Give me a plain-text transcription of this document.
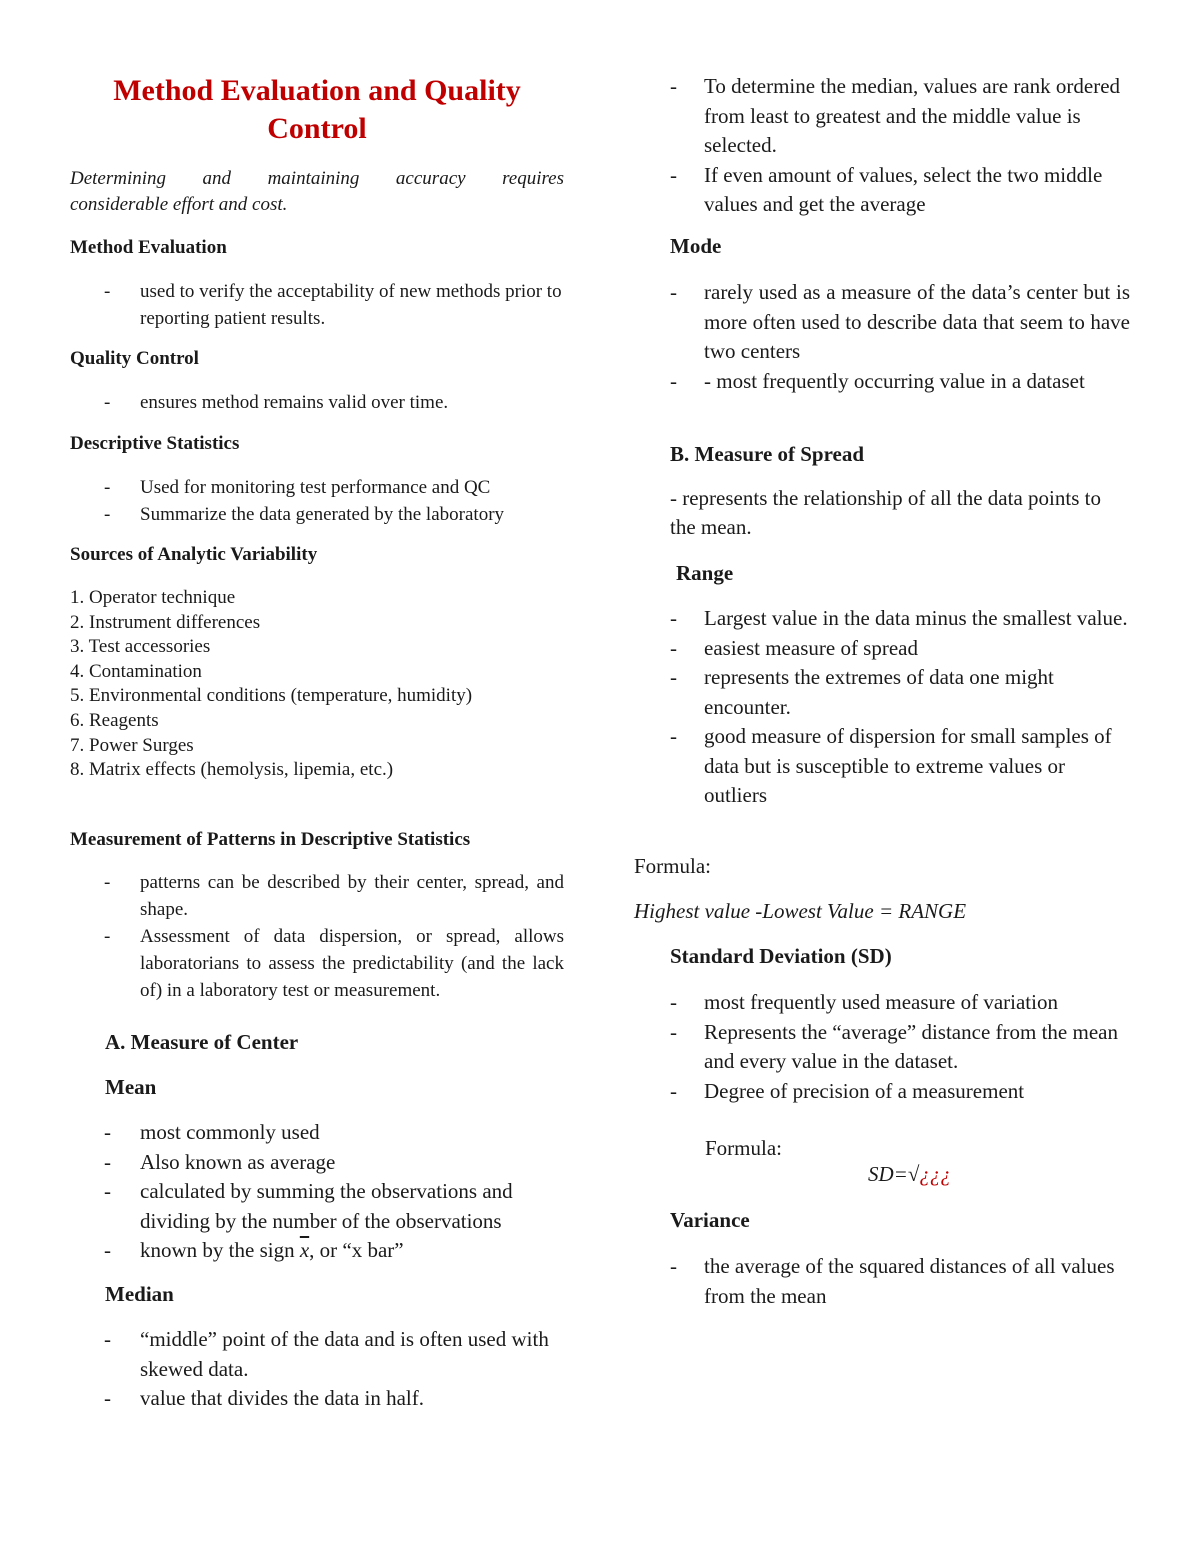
Method Evaluation and Quality Control
Determining and maintaining accuracy requires
considerable effort and cost.
Method Evaluation
- used to verify the acceptability of new methods prior to reporting patient results.
Quality Control
- ensures method remains valid over time.
Descriptive Statistics
- Used for monitoring test performance and QC
- Summarize the data generated by the laboratory
Sources of Analytic Variability
1. Operator technique
2. Instrument differences
3. Test accessories
4. Contamination
5. Environmental conditions (temperature, humidity)
6. Reagents
7. Power Surges
8. Matrix effects (hemolysis, lipemia, etc.)
Measurement of Patterns in Descriptive Statistics
- patterns can be described by their center, spread, and shape.
- Assessment of data dispersion, or spread, allows laboratorians to assess the predictability (and the lack of) in a laboratory test or measurement.
A. Measure of Center
Mean
- most commonly used
- Also known as average
- calculated by summing the observations and dividing by the number of the observations
- known by the sign $\overline{x}$, or “x bar”
Median
- “middle” point of the data and is often used with skewed data.
- value that divides the data in half.
- To determine the median, values are rank ordered from least to greatest and the middle value is selected.
- If even amount of values, select the two middle values and get the average
Mode
- rarely used as a measure of the data’s center but is more often used to describe data that seem to have two centers
- - most frequently occurring value in a dataset
B. Measure of Spread
- represents the relationship of all the data points to the mean.
Range
- Largest value in the data minus the smallest value.
- easiest measure of spread
- represents the extremes of data one might encounter.
- good measure of dispersion for small samples of data but is susceptible to extreme values or outliers
Formula:
Highest value -Lowest Value = RANGE
Standard Deviation (SD)
- most frequently used measure of variation
- Represents the “average” distance from the mean and every value in the dataset.
- Degree of precision of a measurement
Formula:
SD=√¿¿¿
Variance
- the average of the squared distances of all values from the mean
